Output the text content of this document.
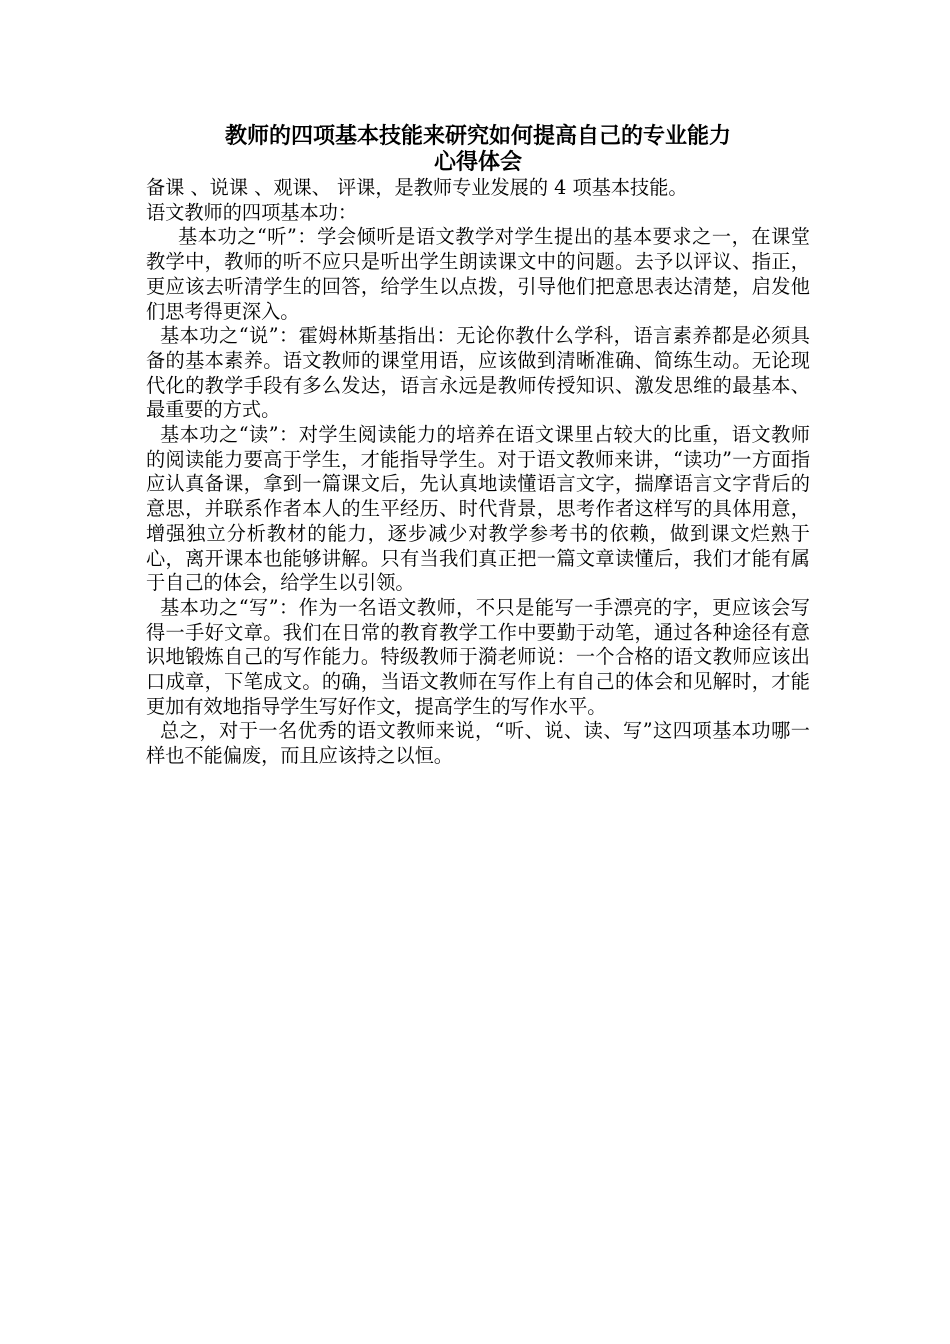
教师的四项基本技能来研究如何提高自己的专业能力
心得体会

备课 、说课 、观课、 评课，是教师专业发展的 4 项基本技能。

语文教师的四项基本功：

基本功之“听”：学会倾听是语文教学对学生提出的基本要求之一，在课堂教学中，教师的听不应只是听出学生朗读课文中的问题。去予以评议、指正，更应该去听清学生的回答，给学生以点拨，引导他们把意思表达清楚，启发他们思考得更深入。

基本功之“说”：霍姆林斯基指出：无论你教什么学科，语言素养都是必须具备的基本素养。语文教师的课堂用语，应该做到清晰准确、简练生动。无论现代化的教学手段有多么发达，语言永远是教师传授知识、激发思维的最基本、最重要的方式。

基本功之“读”：对学生阅读能力的培养在语文课里占较大的比重，语文教师的阅读能力要高于学生，才能指导学生。对于语文教师来讲，“读功”一方面指应认真备课，拿到一篇课文后，先认真地读懂语言文字，揣摩语言文字背后的意思，并联系作者本人的生平经历、时代背景，思考作者这样写的具体用意，增强独立分析教材的能力，逐步减少对教学参考书的依赖，做到课文烂熟于心，离开课本也能够讲解。只有当我们真正把一篇文章读懂后，我们才能有属于自己的体会，给学生以引领。

基本功之“写”：作为一名语文教师，不只是能写一手漂亮的字，更应该会写得一手好文章。我们在日常的教育教学工作中要勤于动笔，通过各种途径有意识地锻炼自己的写作能力。特级教师于漪老师说：一个合格的语文教师应该出口成章，下笔成文。的确，当语文教师在写作上有自己的体会和见解时，才能更加有效地指导学生写好作文，提高学生的写作水平。

总之，对于一名优秀的语文教师来说，“听、说、读、写”这四项基本功哪一样也不能偏废，而且应该持之以恒。
